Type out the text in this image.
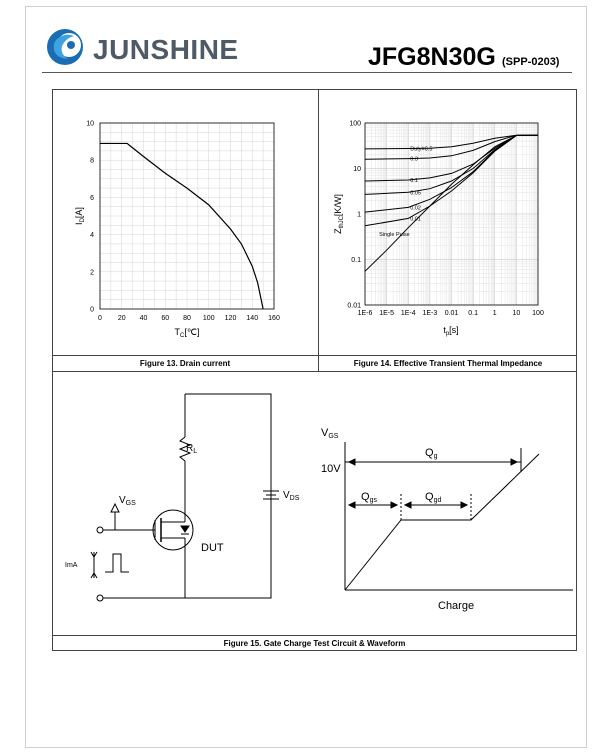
JUNSHINE	JFG8N30G (SPP-0203)
Figure 13. Drain current	Figure 14. Effective Transient Thermal Impedance
Figure 15. Gate Charge Test Circuit & Waveform
0 20 40 60 80 100 120 140 160
0
2
4
6
8
10
$I_D[A]$
$T_C[℃]$
1E-6 1E-5 1E-4 1E-3 0.01 0.1 1 10 100
0.01
0.1
1
10
100
Duty=0.5
0.3
0.1
0.05
0.02
0.01
Single Pulse
$Z_{thJC}[K/W]$
$t_p[s]$
$R_L$
$V_{GS}$
$V_{DS}$
DUT
ImA
VGS
10V
Qg
Qgs	Qgd
Charge
